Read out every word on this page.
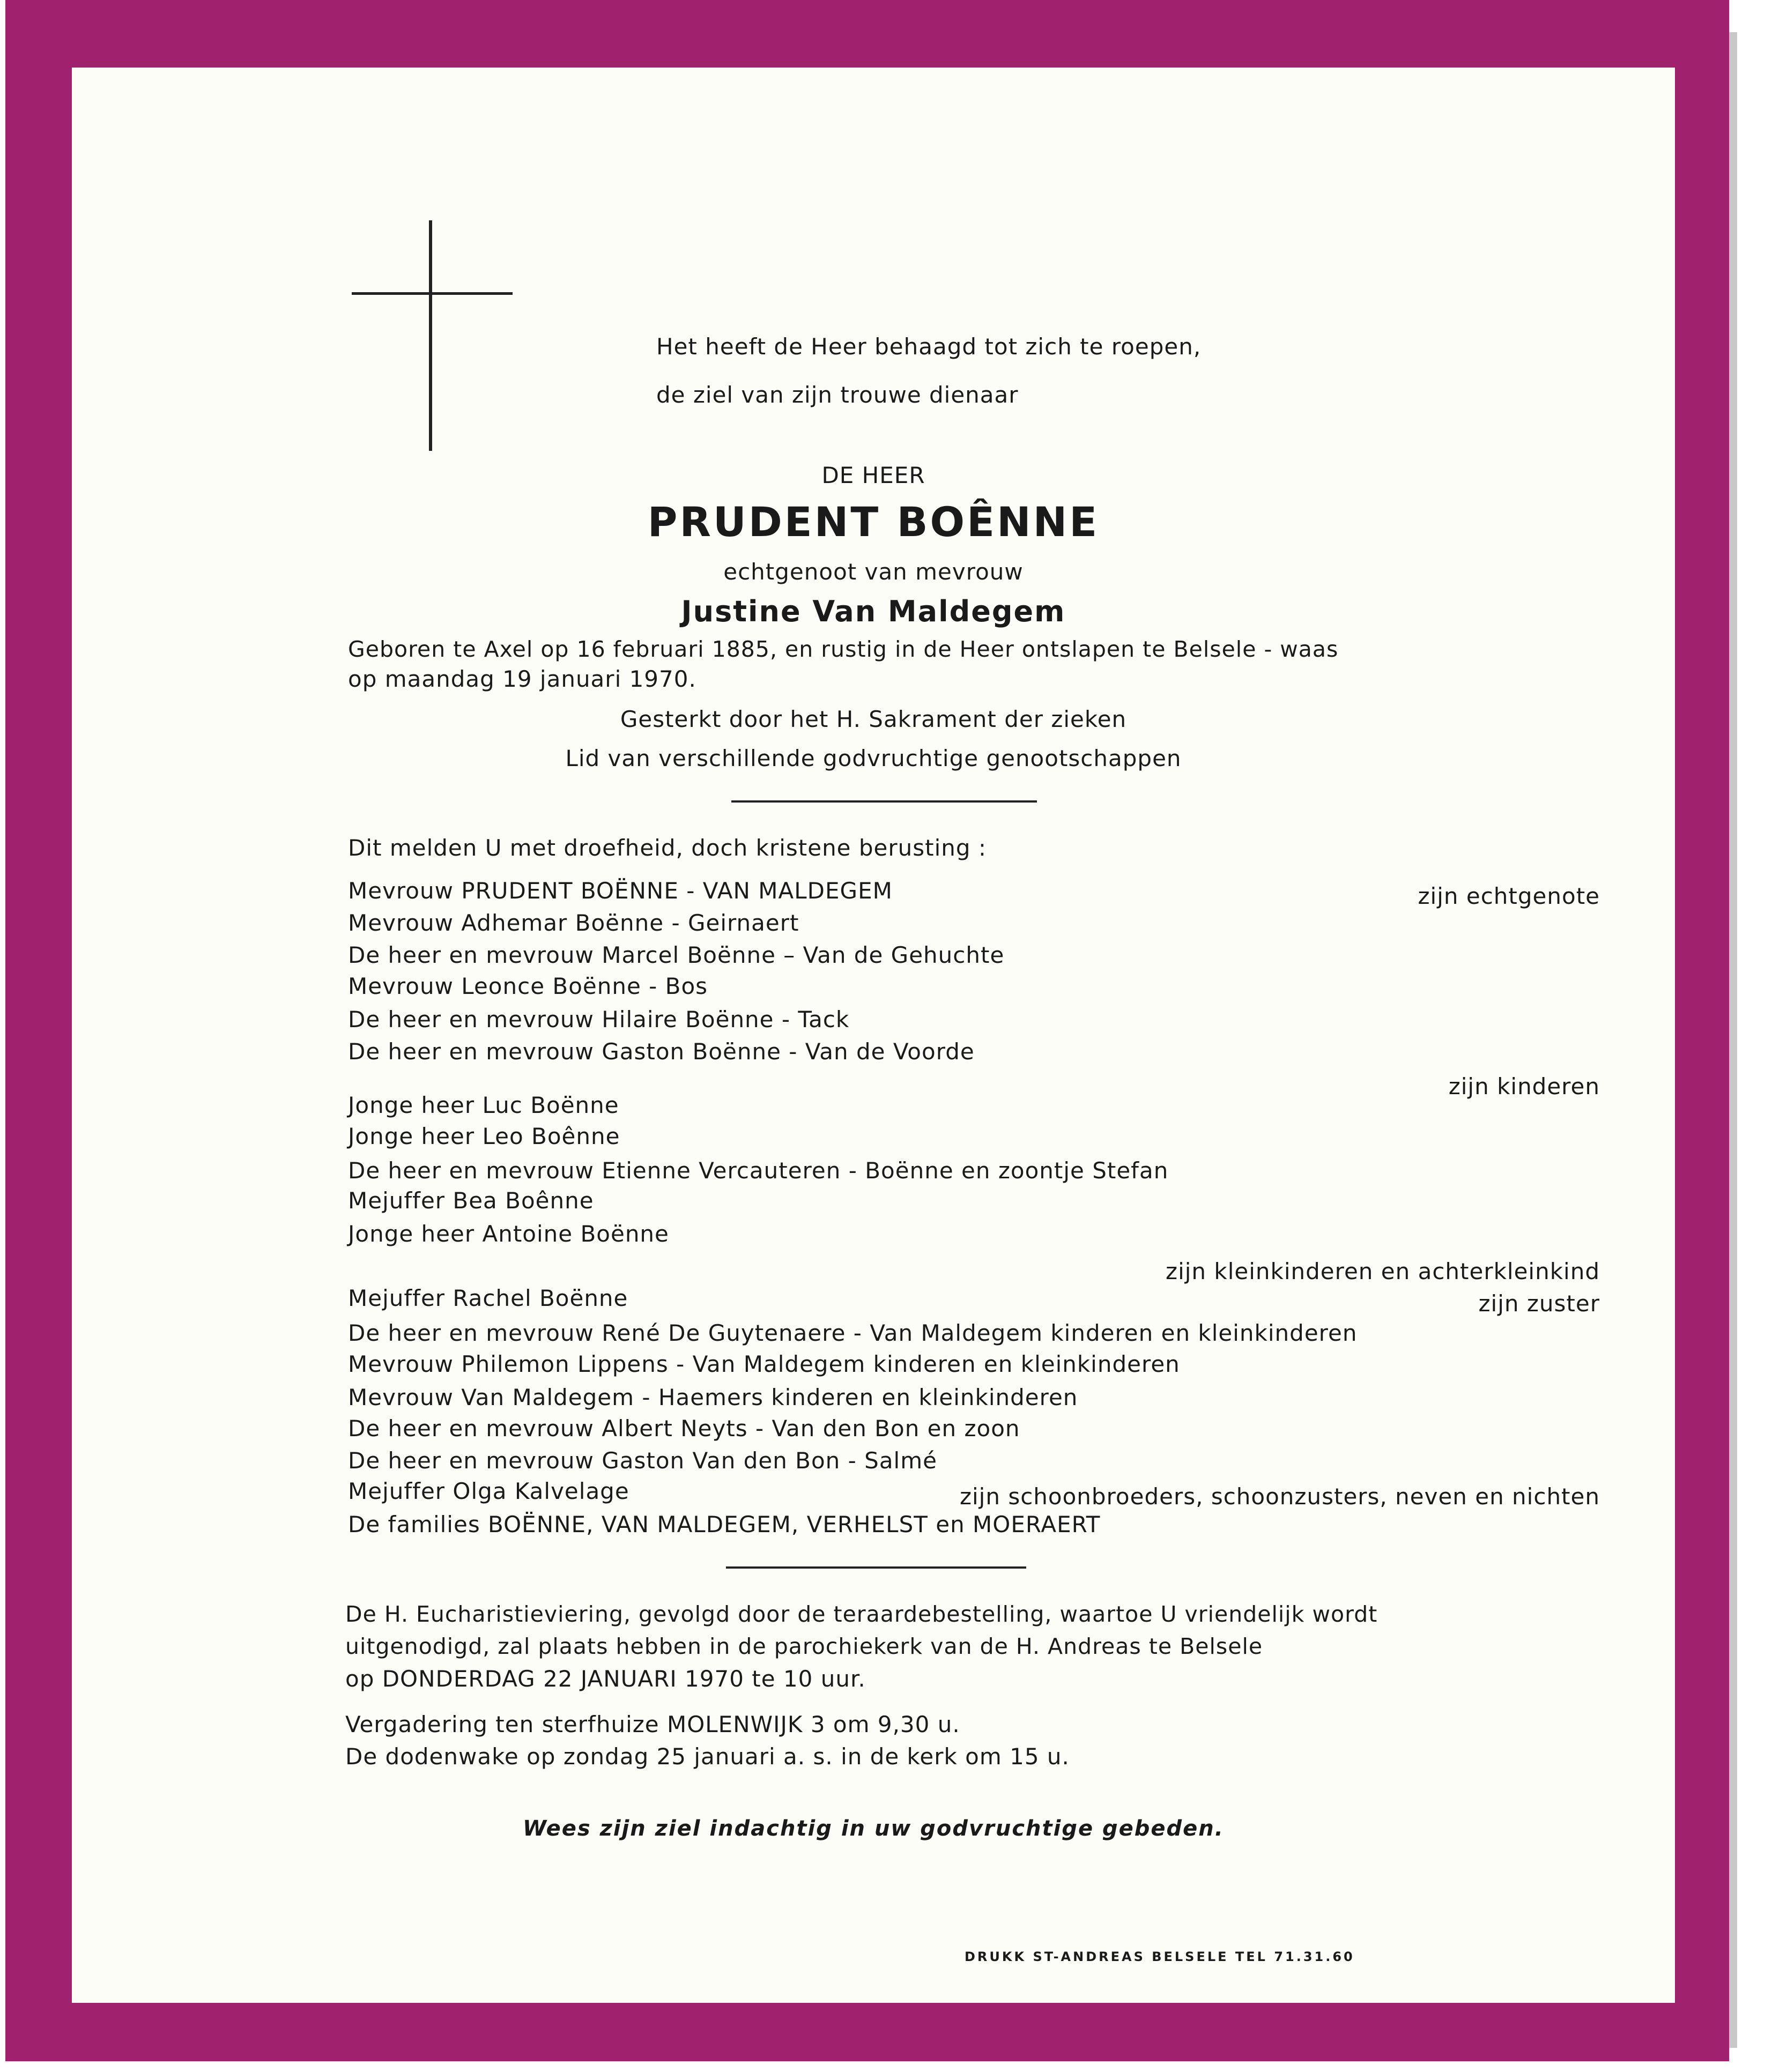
Het heeft de Heer behaagd tot zich te roepen,
de ziel van zijn trouwe dienaar
DE HEER
PRUDENT BOÊNNE
echtgenoot van mevrouw
Justine Van Maldegem
Geboren te Axel op 16 februari 1885, en rustig in de Heer ontslapen te Belsele - waas
op maandag 19 januari 1970.
Gesterkt door het H. Sakrament der zieken
Lid van verschillende godvruchtige genootschappen
Dit melden U met droefheid, doch kristene berusting :
Mevrouw PRUDENT BOËNNE - VAN MALDEGEM	zijn echtgenote
Mevrouw Adhemar Boënne - Geirnaert
De heer en mevrouw Marcel Boënne – Van de Gehuchte
Mevrouw Leonce Boënne - Bos
De heer en mevrouw Hilaire Boënne - Tack
De heer en mevrouw Gaston Boënne - Van de Voorde
zijn kinderen
Jonge heer Luc Boënne
Jonge heer Leo Boênne
De heer en mevrouw Etienne Vercauteren - Boënne en zoontje Stefan
Mejuffer Bea Boênne
Jonge heer Antoine Boënne
zijn kleinkinderen en achterkleinkind
Mejuffer Rachel Boënne	zijn zuster
De heer en mevrouw René De Guytenaere - Van Maldegem kinderen en kleinkinderen
Mevrouw Philemon Lippens - Van Maldegem kinderen en kleinkinderen
Mevrouw Van Maldegem - Haemers kinderen en kleinkinderen
De heer en mevrouw Albert Neyts - Van den Bon en zoon
De heer en mevrouw Gaston Van den Bon - Salmé
Mejuffer Olga Kalvelage	zijn schoonbroeders, schoonzusters, neven en nichten
De families BOËNNE, VAN MALDEGEM, VERHELST en MOERAERT
De H. Eucharistieviering, gevolgd door de teraardebestelling, waartoe U vriendelijk wordt
uitgenodigd, zal plaats hebben in de parochiekerk van de H. Andreas te Belsele
op DONDERDAG 22 JANUARI 1970 te 10 uur.
Vergadering ten sterfhuize MOLENWIJK 3 om 9,30 u.
De dodenwake op zondag 25 januari a. s. in de kerk om 15 u.
Wees zijn ziel indachtig in uw godvruchtige gebeden.
DRUKK ST-ANDREAS BELSELE TEL 71.31.60
